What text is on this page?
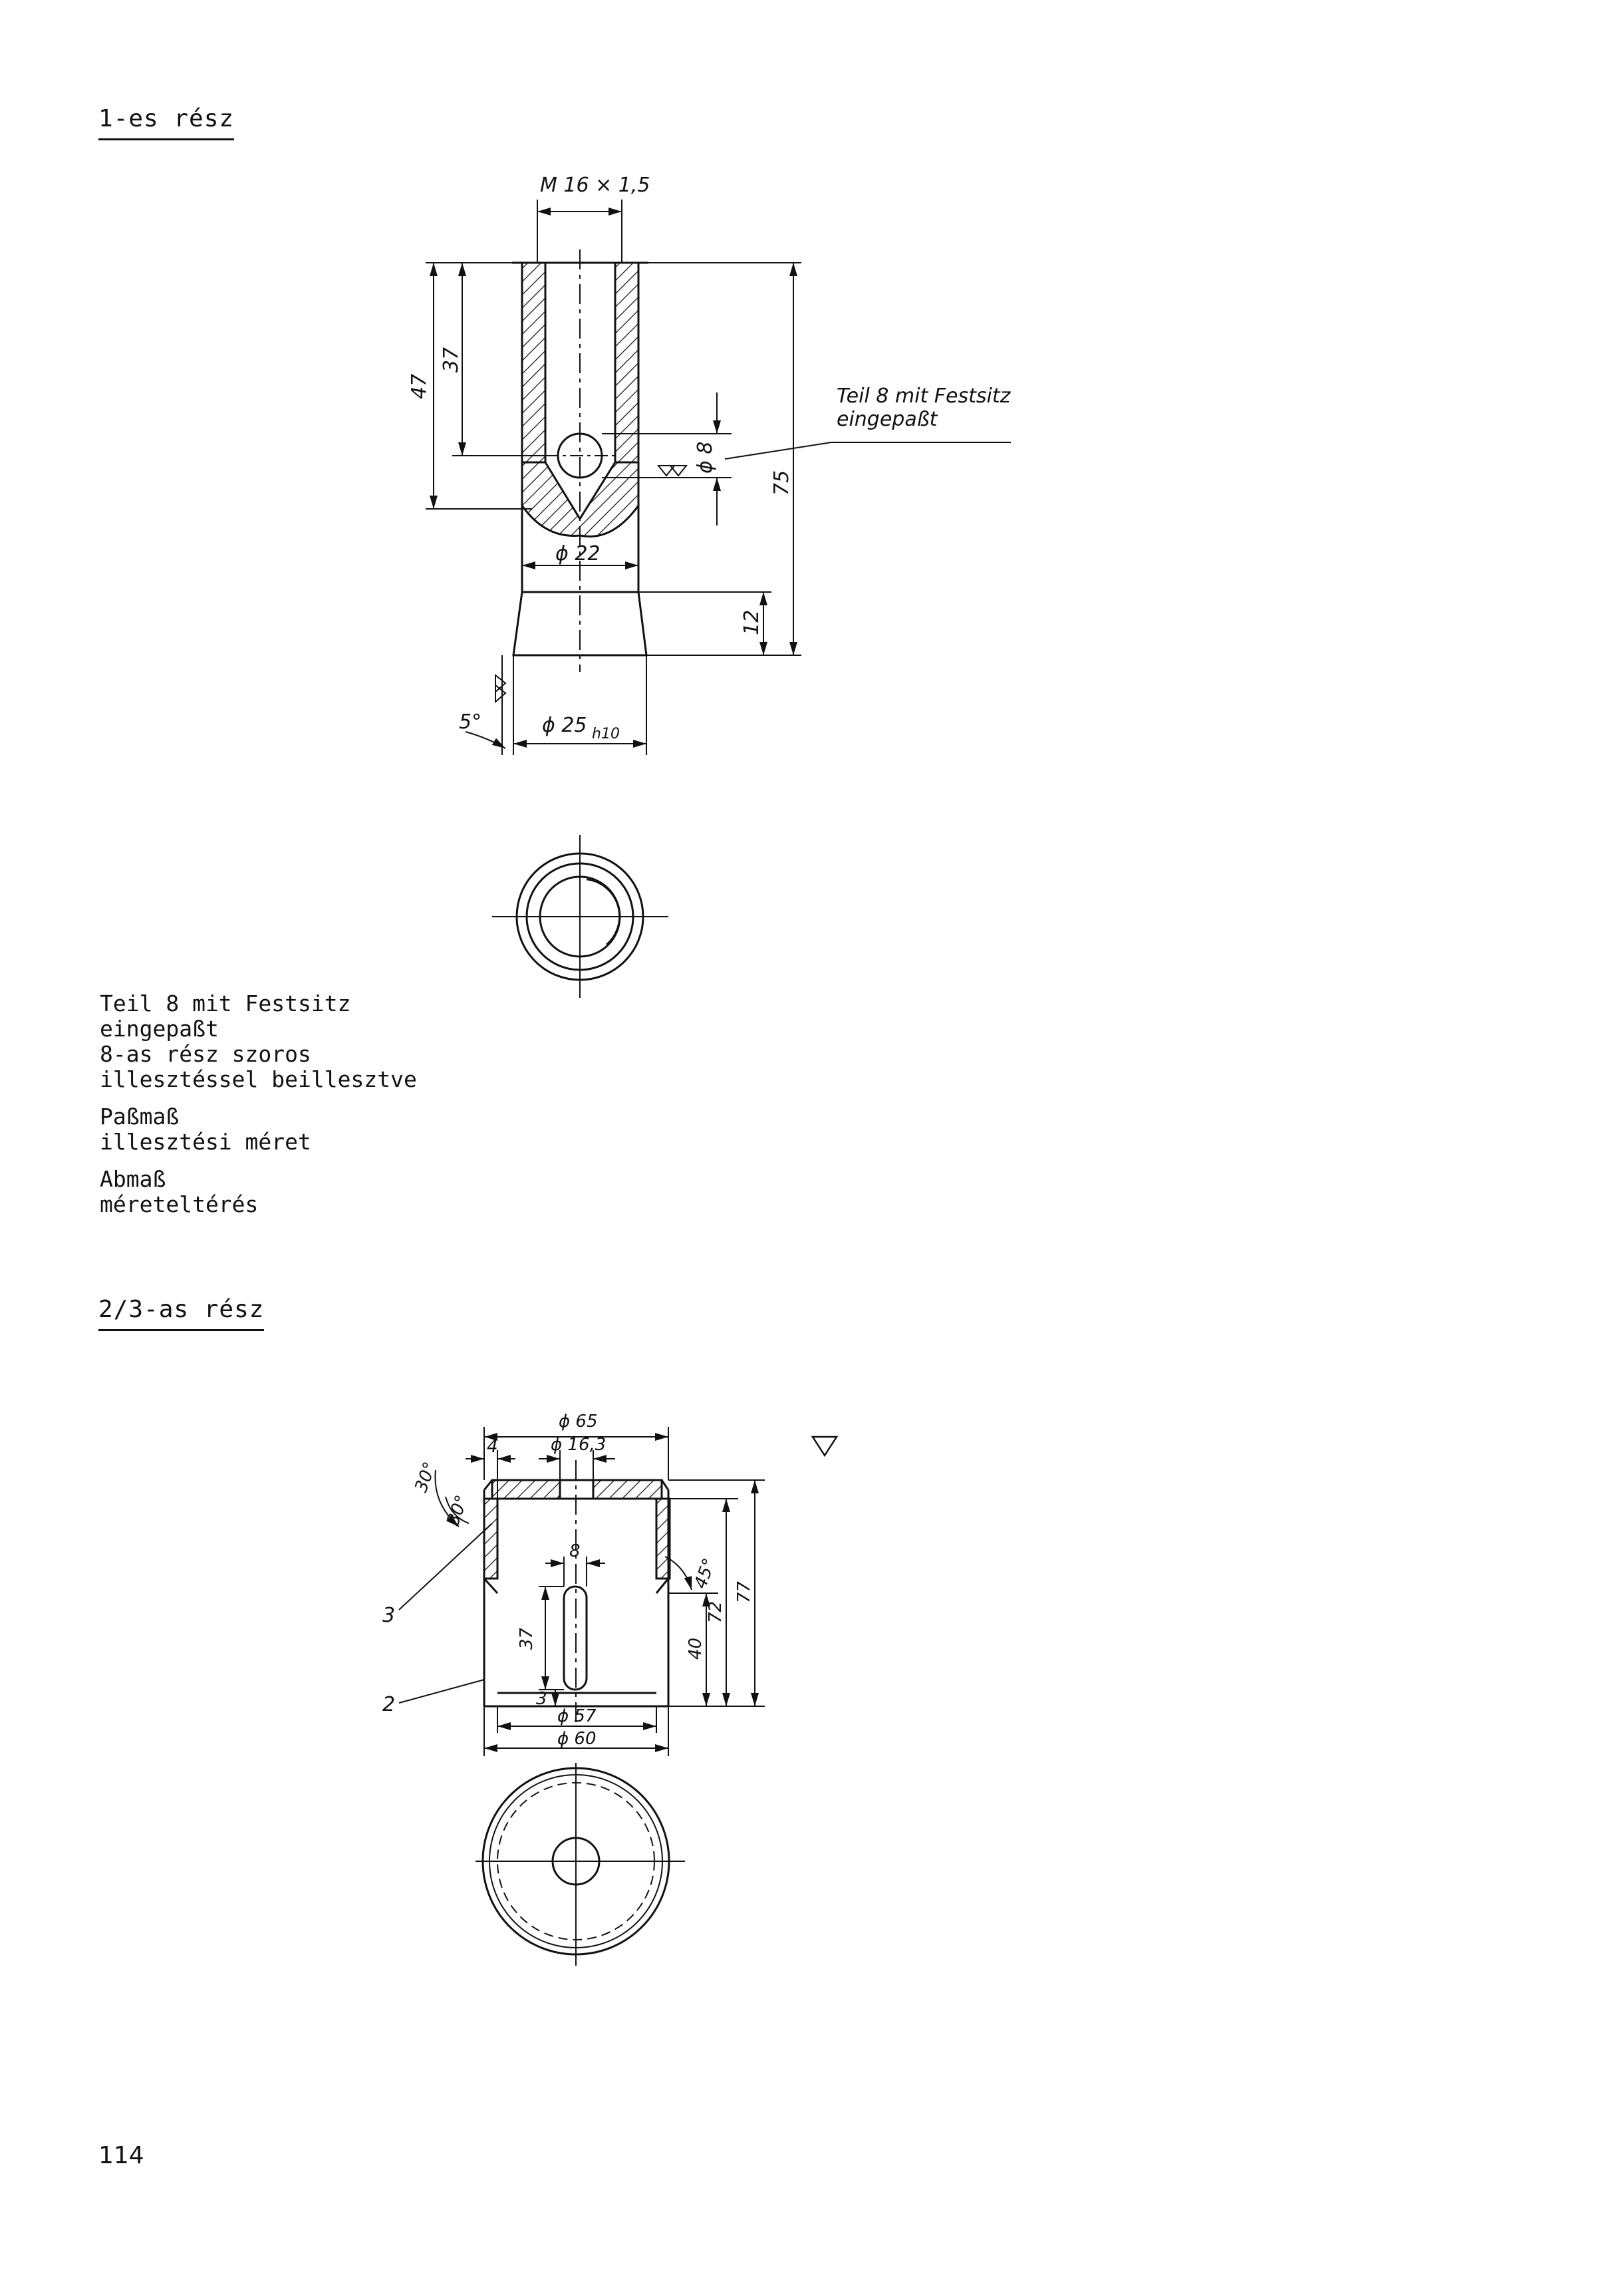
1-es rész
2/3-as rész
M 16 × 1,5
47
37
ϕ 8
75
12
ϕ 22
ϕ 25 h10
5°
Teil 8 mit Festsitz
eingepaßt
ϕ 65
ϕ 16,3
4
8
37
3
40
72
77
ϕ 57
ϕ 60
30°
30°
45°
3
2
Teil 8 mit Festsitz
eingepaßt
8-as rész szoros
illesztéssel beillesztve
Paßmaß
illesztési méret
Abmaß
méreteltérés
114
